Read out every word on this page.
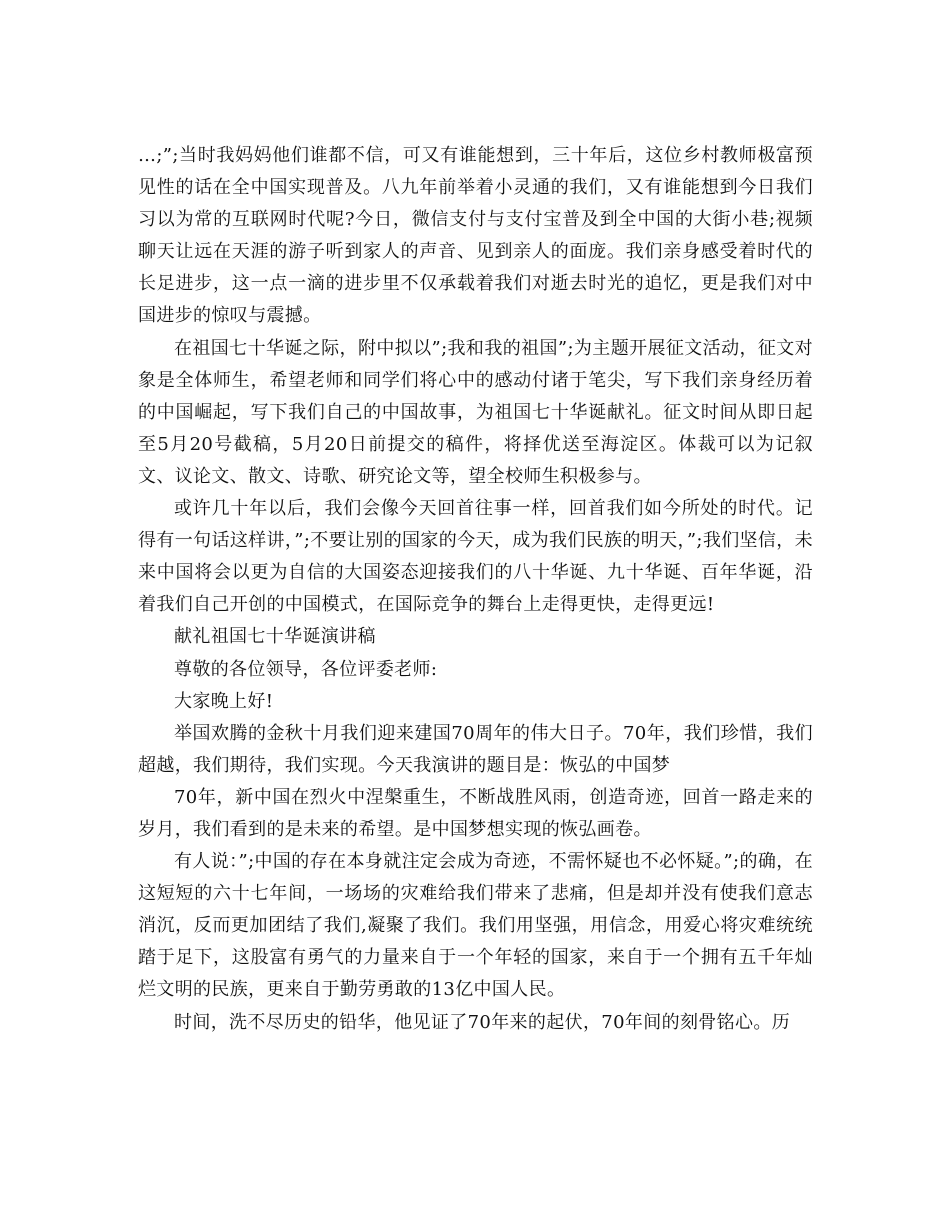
…;”;当时我妈妈他们谁都不信，可又有谁能想到，三十年后，这位乡村教师极富预见性的话在全中国实现普及。八九年前举着小灵通的我们，又有谁能想到今日我们习以为常的互联网时代呢?今日，微信支付与支付宝普及到全中国的大街小巷;视频聊天让远在天涯的游子听到家人的声音、见到亲人的面庞。我们亲身感受着时代的长足进步，这一点一滴的进步里不仅承载着我们对逝去时光的追忆，更是我们对中国进步的惊叹与震撼。

在祖国七十华诞之际，附中拟以”;我和我的祖国”;为主题开展征文活动，征文对象是全体师生，希望老师和同学们将心中的感动付诸于笔尖，写下我们亲身经历着的中国崛起，写下我们自己的中国故事，为祖国七十华诞献礼。征文时间从即日起至5月20号截稿，5月20日前提交的稿件，将择优送至海淀区。体裁可以为记叙文、议论文、散文、诗歌、研究论文等，望全校师生积极参与。

或许几十年以后，我们会像今天回首往事一样，回首我们如今所处的时代。记得有一句话这样讲，”;不要让别的国家的今天，成为我们民族的明天，”;我们坚信，未来中国将会以更为自信的大国姿态迎接我们的八十华诞、九十华诞、百年华诞，沿着我们自己开创的中国模式，在国际竞争的舞台上走得更快，走得更远!

献礼祖国七十华诞演讲稿

尊敬的各位领导，各位评委老师:

大家晚上好!

举国欢腾的金秋十月我们迎来建国70周年的伟大日子。70年，我们珍惜，我们超越，我们期待，我们实现。今天我演讲的题目是：恢弘的中国梦

70年，新中国在烈火中涅槃重生，不断战胜风雨，创造奇迹，回首一路走来的岁月，我们看到的是未来的希望。是中国梦想实现的恢弘画卷。

有人说：”;中国的存在本身就注定会成为奇迹，不需怀疑也不必怀疑。”;的确，在这短短的六十七年间，一场场的灾难给我们带来了悲痛，但是却并没有使我们意志消沉，反而更加团结了我们,凝聚了我们。我们用坚强，用信念，用爱心将灾难统统踏于足下，这股富有勇气的力量来自于一个年轻的国家，来自于一个拥有五千年灿烂文明的民族，更来自于勤劳勇敢的13亿中国人民。

时间，洗不尽历史的铅华，他见证了70年来的起伏，70年间的刻骨铭心。历
